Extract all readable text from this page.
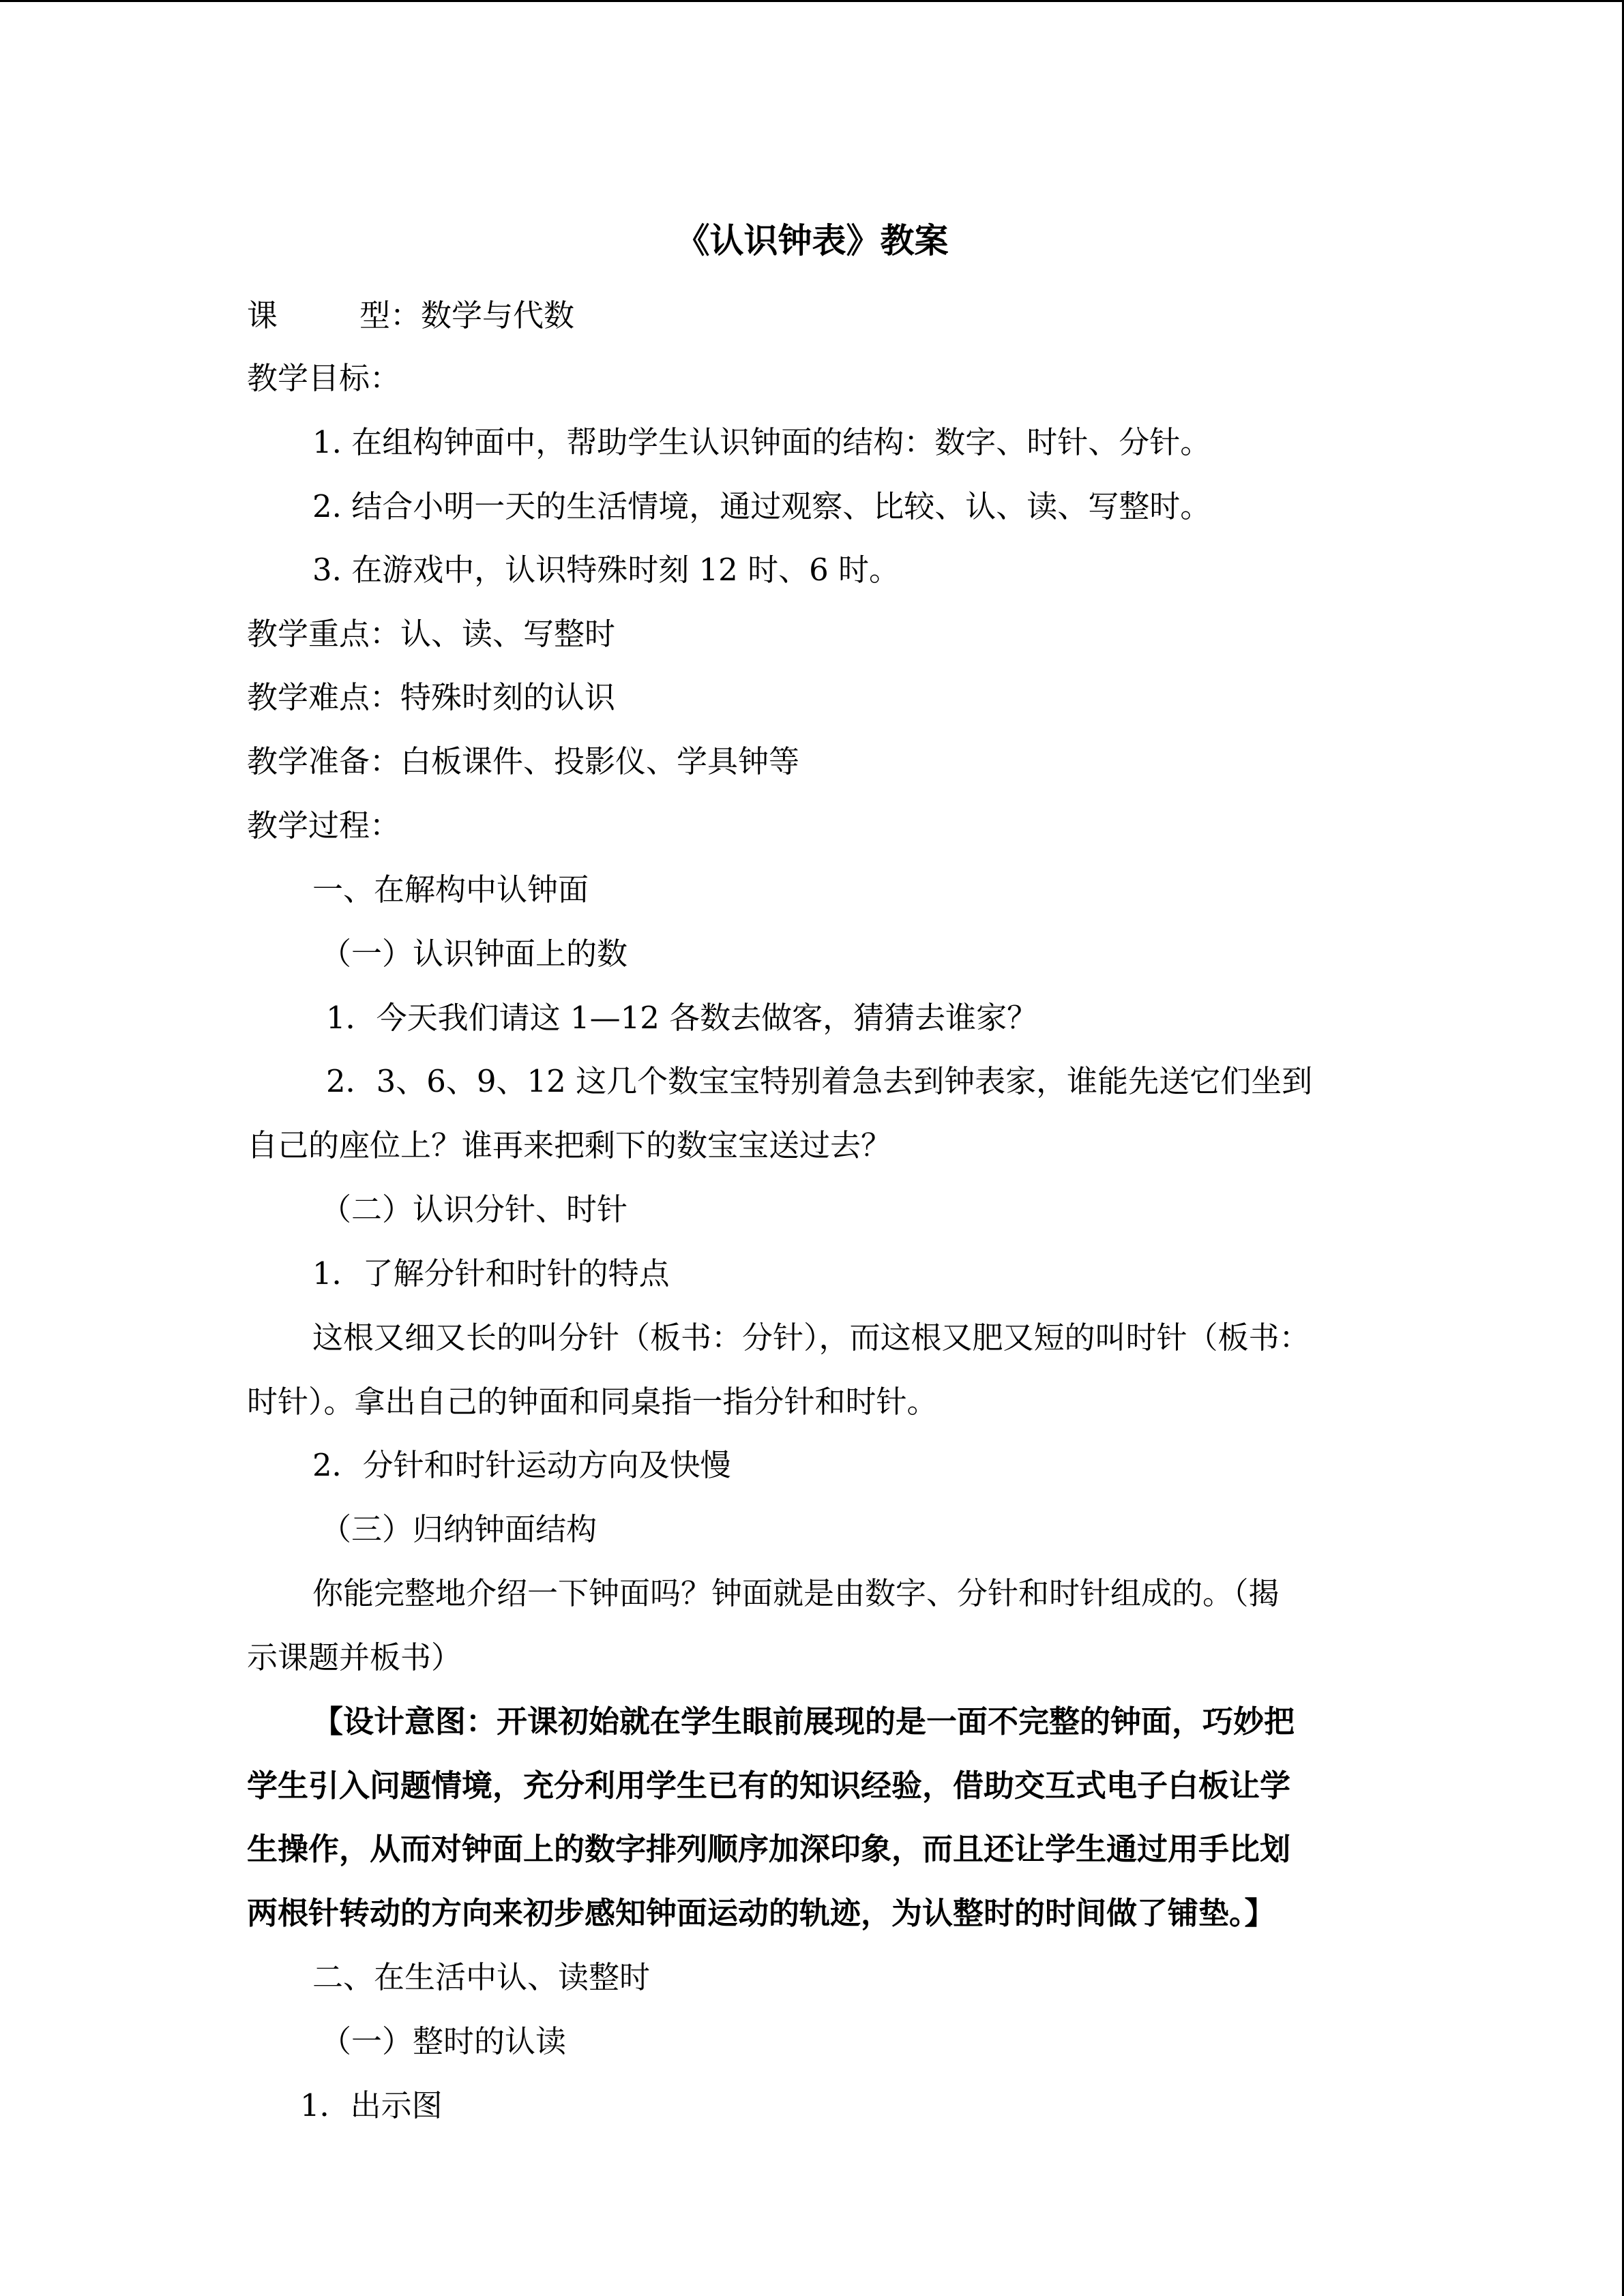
《认识钟表》教案
课	型：数学与代数
教学目标：
1. 在组构钟面中，帮助学生认识钟面的结构：数字、时针、分针。
2. 结合小明一天的生活情境，通过观察、比较、认、读、写整时。
3. 在游戏中，认识特殊时刻 12 时、6 时。
教学重点：认、读、写整时
教学难点：特殊时刻的认识
教学准备：白板课件、投影仪、学具钟等
教学过程：
一、在解构中认钟面
（一）认识钟面上的数
1．今天我们请这 1—12 各数去做客，猜猜去谁家？
2．3、6、9、12 这几个数宝宝特别着急去到钟表家，谁能先送它们坐到
自己的座位上？谁再来把剩下的数宝宝送过去？
（二）认识分针、时针
1．了解分针和时针的特点
这根又细又长的叫分针（板书：分针），而这根又肥又短的叫时针（板书：
时针）。拿出自己的钟面和同桌指一指分针和时针。
2．分针和时针运动方向及快慢
（三）归纳钟面结构
你能完整地介绍一下钟面吗？钟面就是由数字、分针和时针组成的。（揭
示课题并板书）
【设计意图：开课初始就在学生眼前展现的是一面不完整的钟面，巧妙把
学生引入问题情境，充分利用学生已有的知识经验，借助交互式电子白板让学
生操作，从而对钟面上的数字排列顺序加深印象，而且还让学生通过用手比划
两根针转动的方向来初步感知钟面运动的轨迹，为认整时的时间做了铺垫。】
二、在生活中认、读整时
（一）整时的认读
1．出示图
